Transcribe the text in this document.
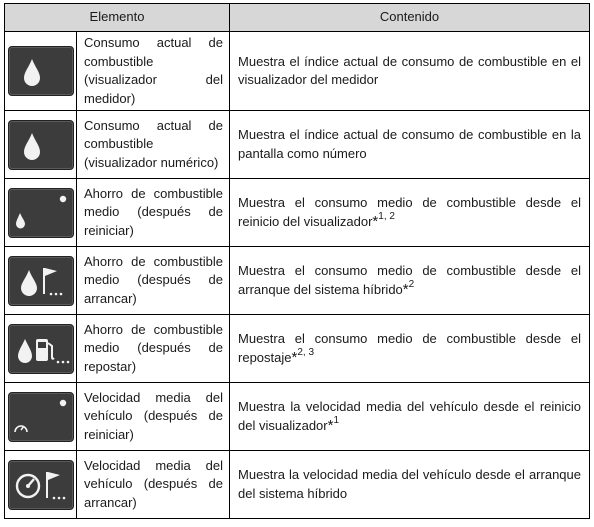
Elemento		Contenido

	Consumo actual de combustible (visualizador del medidor)	Muestra el índice actual de consumo de combustible en el visualizador del medidor

	Consumo actual de combustible (visualizador numérico)	Muestra el índice actual de consumo de combustible en la pantalla como número

	Ahorro de combustible medio (después de reiniciar)	Muestra el consumo medio de combustible desde el reinicio del visualizador*$^{1, 2}$

	Ahorro de combustible medio (después de arrancar)	Muestra el consumo medio de combustible desde el arranque del sistema híbrido*$^2$

	Ahorro de combustible medio (después de repostar)	Muestra el consumo medio de combustible desde el repostaje*$^{2, 3}$

	Velocidad media del vehículo (después de reiniciar)	Muestra la velocidad media del vehículo desde el reinicio del visualizador*$^1$

	Velocidad media del vehículo (después de arrancar)	Muestra la velocidad media del vehículo desde el arranque del sistema híbrido
